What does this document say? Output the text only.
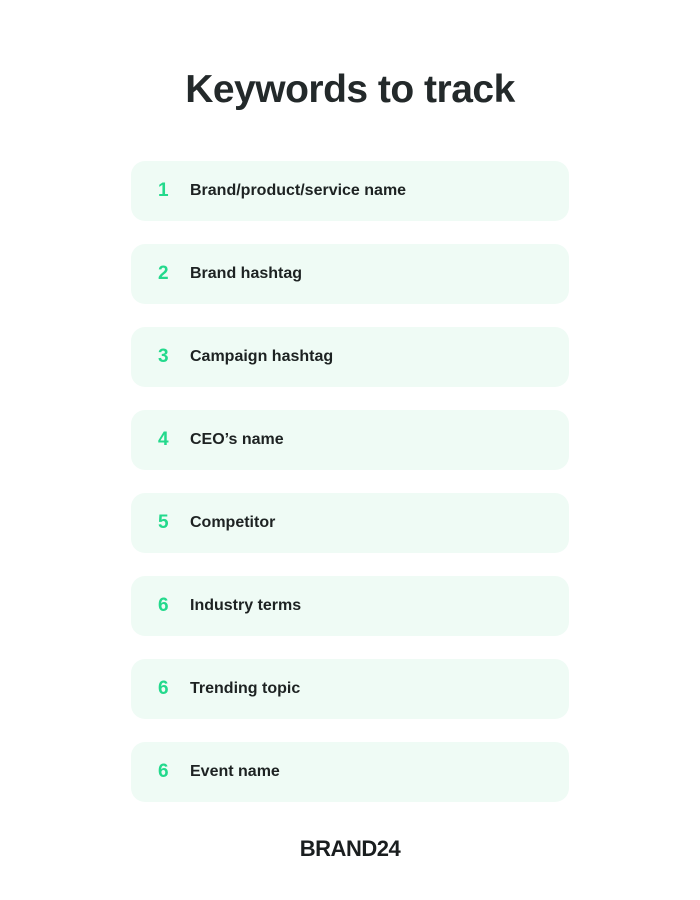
Keywords to track
1 Brand/product/service name
2 Brand hashtag
3 Campaign hashtag
4 CEO’s name
5 Competitor
6 Industry terms
6 Trending topic
6 Event name
BRAND24
